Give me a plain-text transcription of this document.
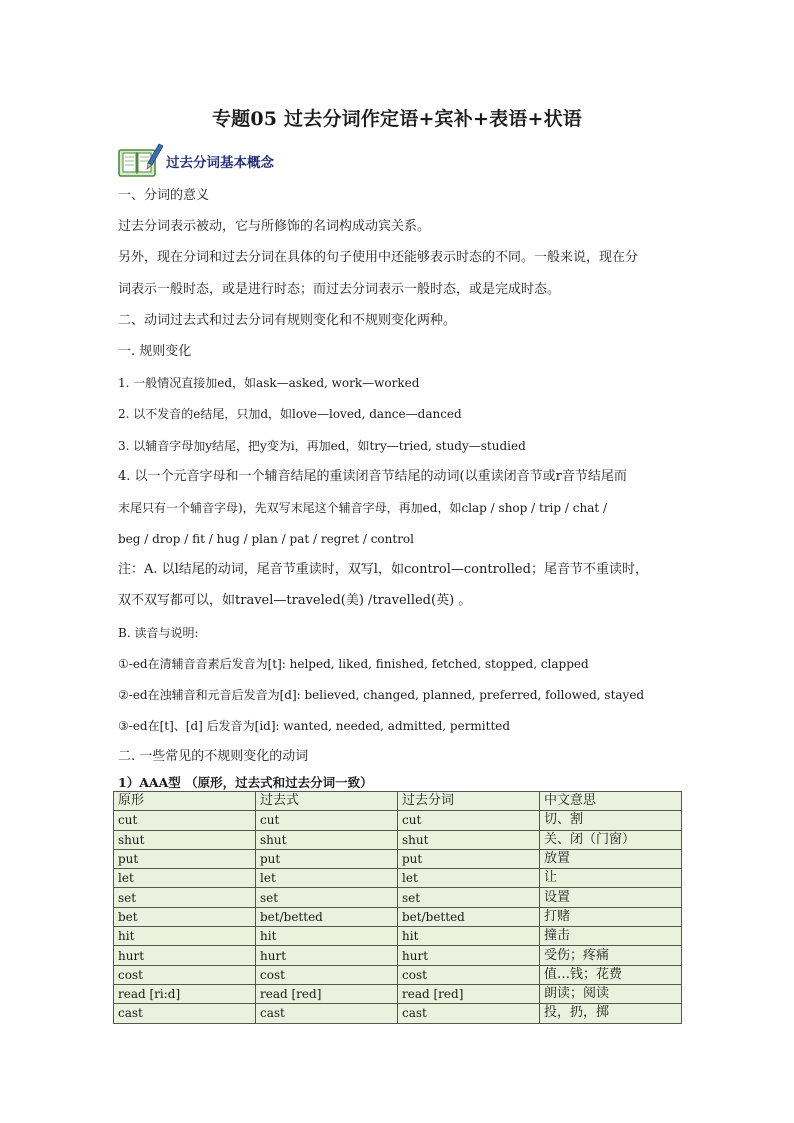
专题05 过去分词作定语+宾补+表语+状语
过去分词基本概念
一、分词的意义
过去分词表示被动，它与所修饰的名词构成动宾关系。
另外，现在分词和过去分词在具体的句子使用中还能够表示时态的不同。一般来说，现在分
词表示一般时态，或是进行时态；而过去分词表示一般时态，或是完成时态。
二、动词过去式和过去分词有规则变化和不规则变化两种。
一. 规则变化
1. 一般情况直接加ed，如ask—asked, work—worked
2. 以不发音的e结尾，只加d，如love—loved, dance—danced
3. 以辅音字母加y结尾，把y变为i，再加ed，如try—tried, study—studied
4. 以一个元音字母和一个辅音结尾的重读闭音节结尾的动词(以重读闭音节或r音节结尾而
末尾只有一个辅音字母)，先双写末尾这个辅音字母，再加ed，如clap / shop / trip / chat /
beg / drop / fit / hug / plan / pat / regret / control
注：A. 以l结尾的动词，尾音节重读时，双写l，如control—controlled；尾音节不重读时，
双不双写都可以，如travel—traveled(美) /travelled(英) 。
B. 读音与说明:
①-ed在清辅音音素后发音为[t]: helped, liked, finished, fetched, stopped, clapped
②-ed在浊辅音和元音后发音为[d]: believed, changed, planned, preferred, followed, stayed
③-ed在[t]、[d] 后发音为[id]: wanted, needed, admitted, permitted
二. 一些常见的不规则变化的动词
1）AAA型 （原形，过去式和过去分词一致）
原形	过去式	过去分词	中文意思
cut	cut	cut	切、割
shut	shut	shut	关、闭（门窗）
put	put	put	放置
let	let	let	让
set	set	set	设置
bet	bet/betted	bet/betted	打赌
hit	hit	hit	撞击
hurt	hurt	hurt	受伤；疼痛
cost	cost	cost	值…钱；花费
read [ri:d]	read [red]	read [red]	朗读；阅读
cast	cast	cast	投，扔，掷
